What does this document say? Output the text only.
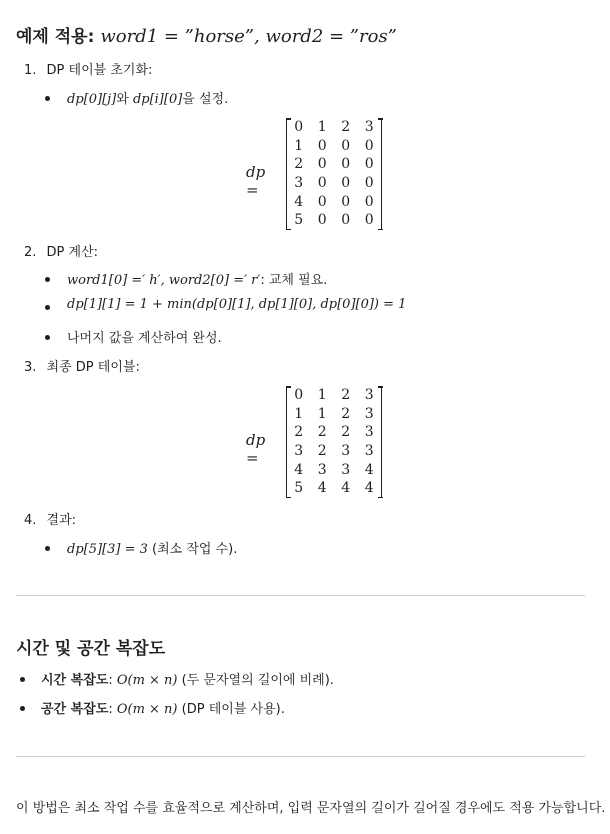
예제 적용: word1 = ”horse”, word2 = ”ros”
1. DP 테이블 초기화:
dp[0][j]와 dp[i][0]을 설정.
dp =
0	1	2	3
1	0	0	0
2	0	0	0
3	0	0	0
4	0	0	0
5	0	0	0
2. DP 계산:
word1[0] =′ h′, word2[0] =′ r′: 교체 필요.
dp[1][1] = 1 + min(dp[0][1], dp[1][0], dp[0][0]) = 1
나머지 값을 계산하여 완성.
3. 최종 DP 테이블:
dp =
0	1	2	3
1	1	2	3
2	2	2	3
3	2	3	3
4	3	3	4
5	4	4	4
4. 결과:
dp[5][3] = 3 (최소 작업 수).
시간 및 공간 복잡도
시간 복잡도: O(m × n) (두 문자열의 길이에 비례).
공간 복잡도: O(m × n) (DP 테이블 사용).
이 방법은 최소 작업 수를 효율적으로 계산하며, 입력 문자열의 길이가 길어질 경우에도 적용 가능합니다.
